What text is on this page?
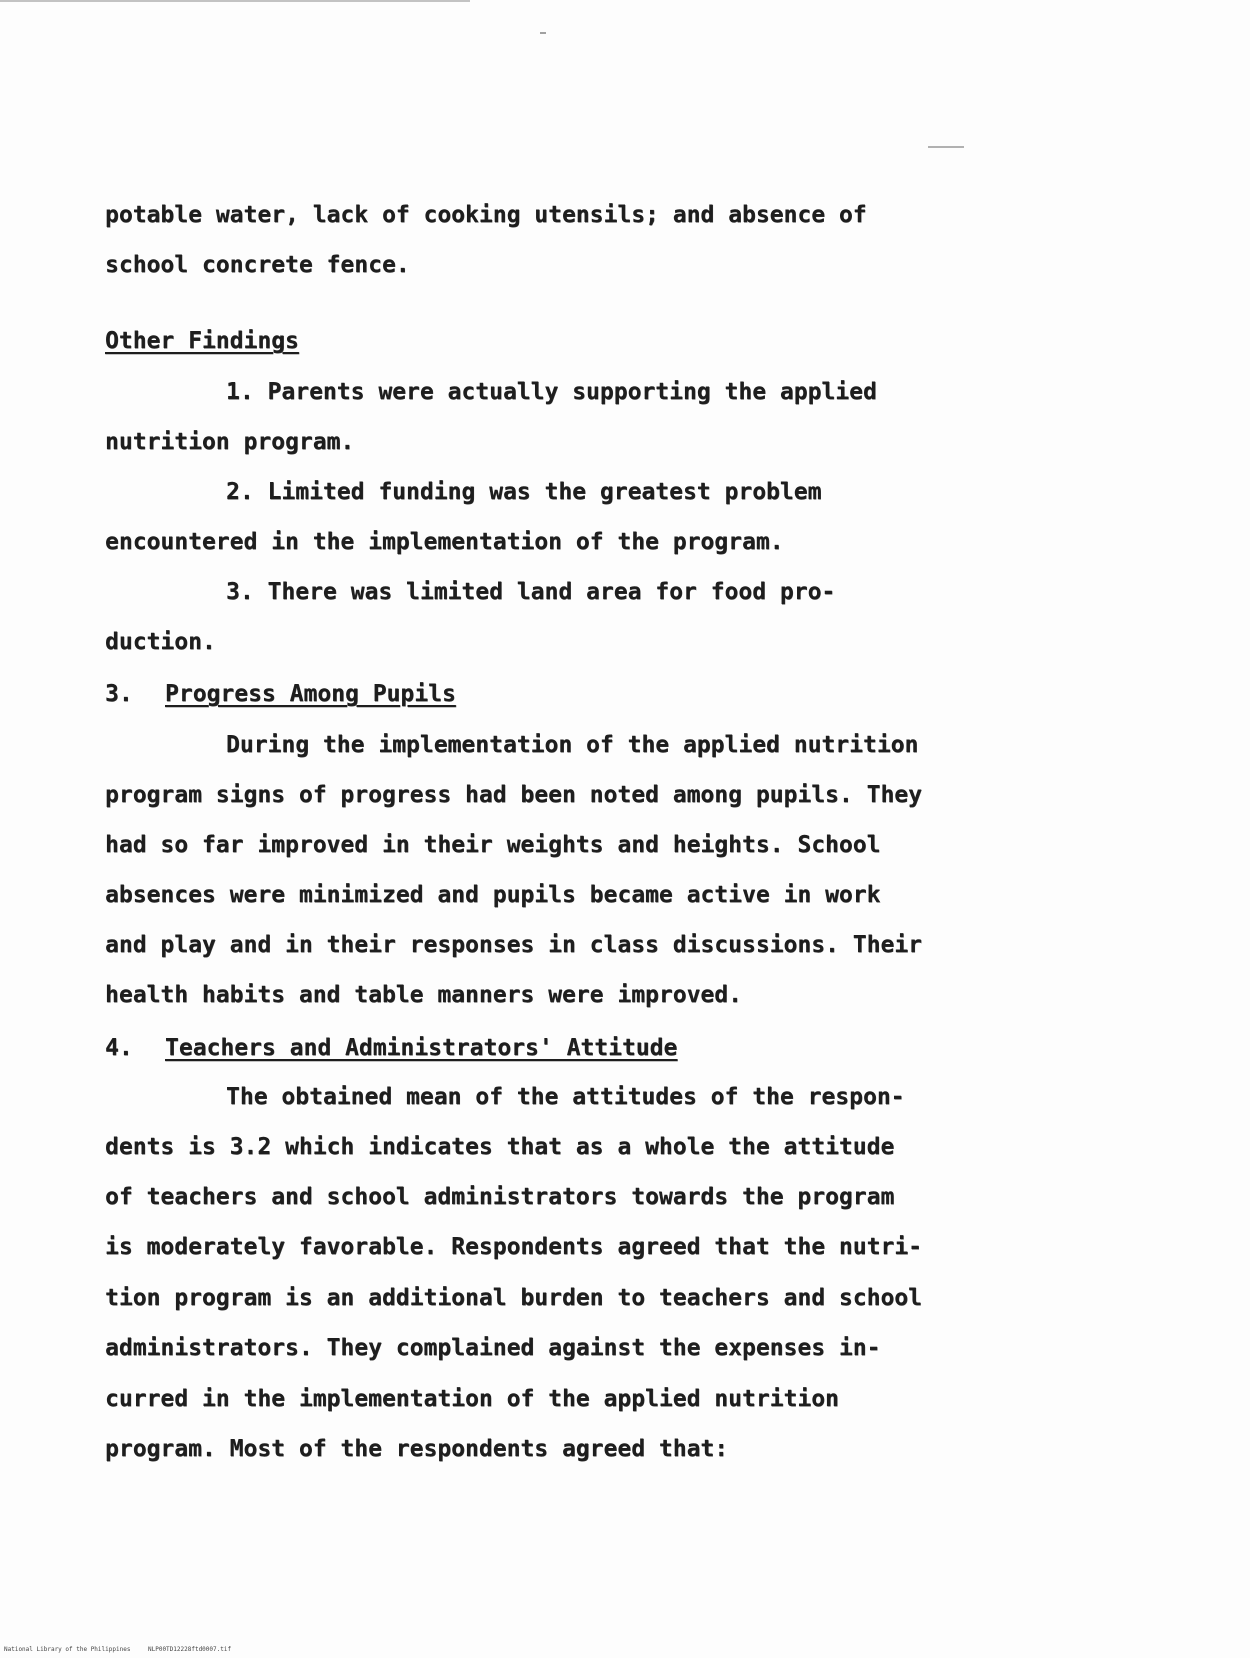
potable water, lack of cooking utensils; and absence of
school concrete fence.
Other Findings
1. Parents were actually supporting the applied
nutrition program.
2. Limited funding was the greatest problem
encountered in the implementation of the program.
3. There was limited land area for food pro-
duction.
3. Progress Among Pupils
During the implementation of the applied nutrition
program signs of progress had been noted among pupils. They
had so far improved in their weights and heights. School
absences were minimized and pupils became active in work
and play and in their responses in class discussions. Their
health habits and table manners were improved.
4. Teachers and Administrators' Attitude
The obtained mean of the attitudes of the respon-
dents is 3.2 which indicates that as a whole the attitude
of teachers and school administrators towards the program
is moderately favorable. Respondents agreed that the nutri-
tion program is an additional burden to teachers and school
administrators. They complained against the expenses in-
curred in the implementation of the applied nutrition
program. Most of the respondents agreed that:
National Library of the Philippines	NLP00TD12228ftd0007.tif
